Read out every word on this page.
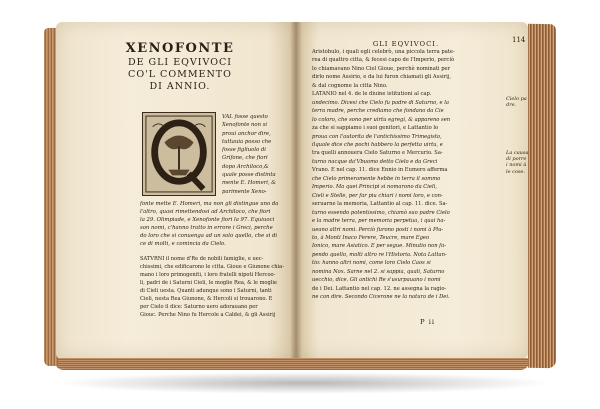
XENOFONTE
DE GLI EQVIVOCI
CO'L COMMENTO
DI ANNIO.
VAL fosse questo
Xenofonte non si
proui anchor dire,
tuttauia posso che
fosse figliuolo di
Grifone, che fiori
dopo Archiloco,&
quale posse distinta
mente E. Homeri, &
parimente Xeno-
fonte mette E. Homeri, ma non gli distingue uno da
l'altro, quasi rimettendosi ad Archiloco, che fiori
la 29. Olimpiade, e Xenofonte fiori la 97. Equiuoci
son nomi, c'hanno tratto in errore i Greci, perche
do loro che si conuenga ad un solo quello, che si di
ce di molti, e comincia da Cielo.
SATVRNI il nome d'Re de nobili famiglie, e uec-
chissimi, che edificarono le citta. Gioue e Giunone chia-
mano i loro primogeniti, i loro fratelli nipoti Hercoo-
li, padri de i Saturni Cieli, le moglie Rea, & le moglie
di Cieli uesta. Quanti adunque sono i Saturni, tanti
Cieli, nesta Rea Giunone, & Hercoli si trouarono. E
per Cielo il dice: Saturno uero adorauano per
Giouc. Perche Nino fu Hercole a Caldei, & gli Assirij
GLI EQVIVOCI.	114
Aristobulo, i quali egli celebrò, una piccola terra pate-
rea di quattro citta, & fecesi capo de l'Imperio, perciò
lo chiamavano Nino Ciel Gioue, perchè nominati per
dirlo nome Assirio, e da lui furon chiamati gli Assirij,
& dal cognome la citta Nino.
LATANIO nel 4. de le diuine istitutioni al cap.
undecimo. Dicesi che Cielo fu padre di Saturno, e la
terra madre, perche crediamo che fondano da Cie
lo coloro, che sono per uirtu egregi, & appareno sen
za che si sappiamo i suoi genitori, e Lattantio lo
proua con l'autorita de l'antichissimo Trimegisto,
ilquale dice che pochi habbero la perfetta uirtu, e
tra quelli annouera Cielo Saturno e Mercurio. Sa-
turno nacque da'Vbuomo detto Cielo e da Greci
Vrano. E nel cap. 11. dice Ennio in Eumero afferma
che Cielo primeramente hebbe in terra il sommo
Imperio. Ma quei Principi si nomarono da Cieli,
Cieli e Stelle, per far piu chiari i nomi loro, e con-
seruarne la memoria, Lattantio al cap. 11. dice. Sa-
turno essendo potentissimo, chiamò suo padre Cielo
e la madre terra, per memoria perpetua, i quai ha-
ueano altri nomi. Perciò furono posti i nomi à Plu-
to, à Monti Inaco Ferere, Teucre, mare Egeo
Ionico, mare Asiatico. E per segue. Minutio non fa-
pendo quello, molti altro re l'Historia. Nota Lattan-
tio: hanno altri nomi, come loro Cielo Caos si
nomina Nox. Sarne nel 2. si sappia, quali, Saturno
uecchio, dice. Gli antichi Re s'usurpauano i nomi
de i Dei. Lattantio nel cap. 12. ne assegna la ragio-
ne con dire. Secondo Cicerone ne la natura de i Dei.
Cielo pa
dre.
La causa
di porre
i nomi à
le cose.
P ii
